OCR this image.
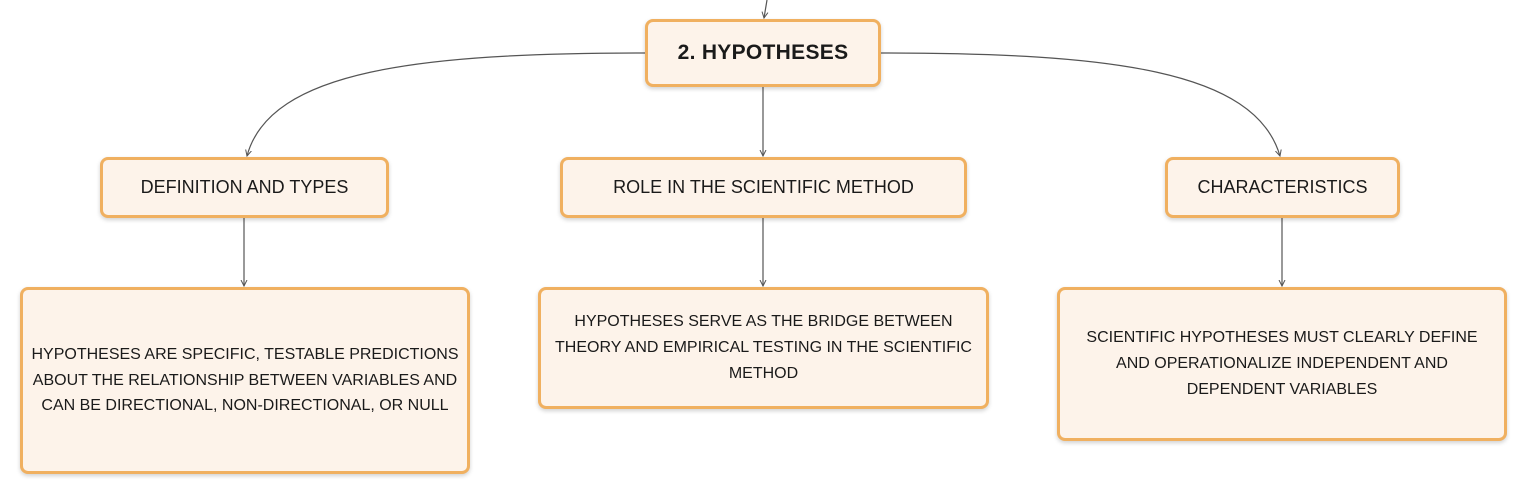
2. HYPOTHESES
DEFINITION AND TYPES	ROLE IN THE SCIENTIFIC METHOD	CHARACTERISTICS
HYPOTHESES ARE SPECIFIC, TESTABLE PREDICTIONS ABOUT THE RELATIONSHIP BETWEEN VARIABLES AND CAN BE DIRECTIONAL, NON-DIRECTIONAL, OR NULL
HYPOTHESES SERVE AS THE BRIDGE BETWEEN THEORY AND EMPIRICAL TESTING IN THE SCIENTIFIC METHOD
SCIENTIFIC HYPOTHESES MUST CLEARLY DEFINE AND OPERATIONALIZE INDEPENDENT AND DEPENDENT VARIABLES
